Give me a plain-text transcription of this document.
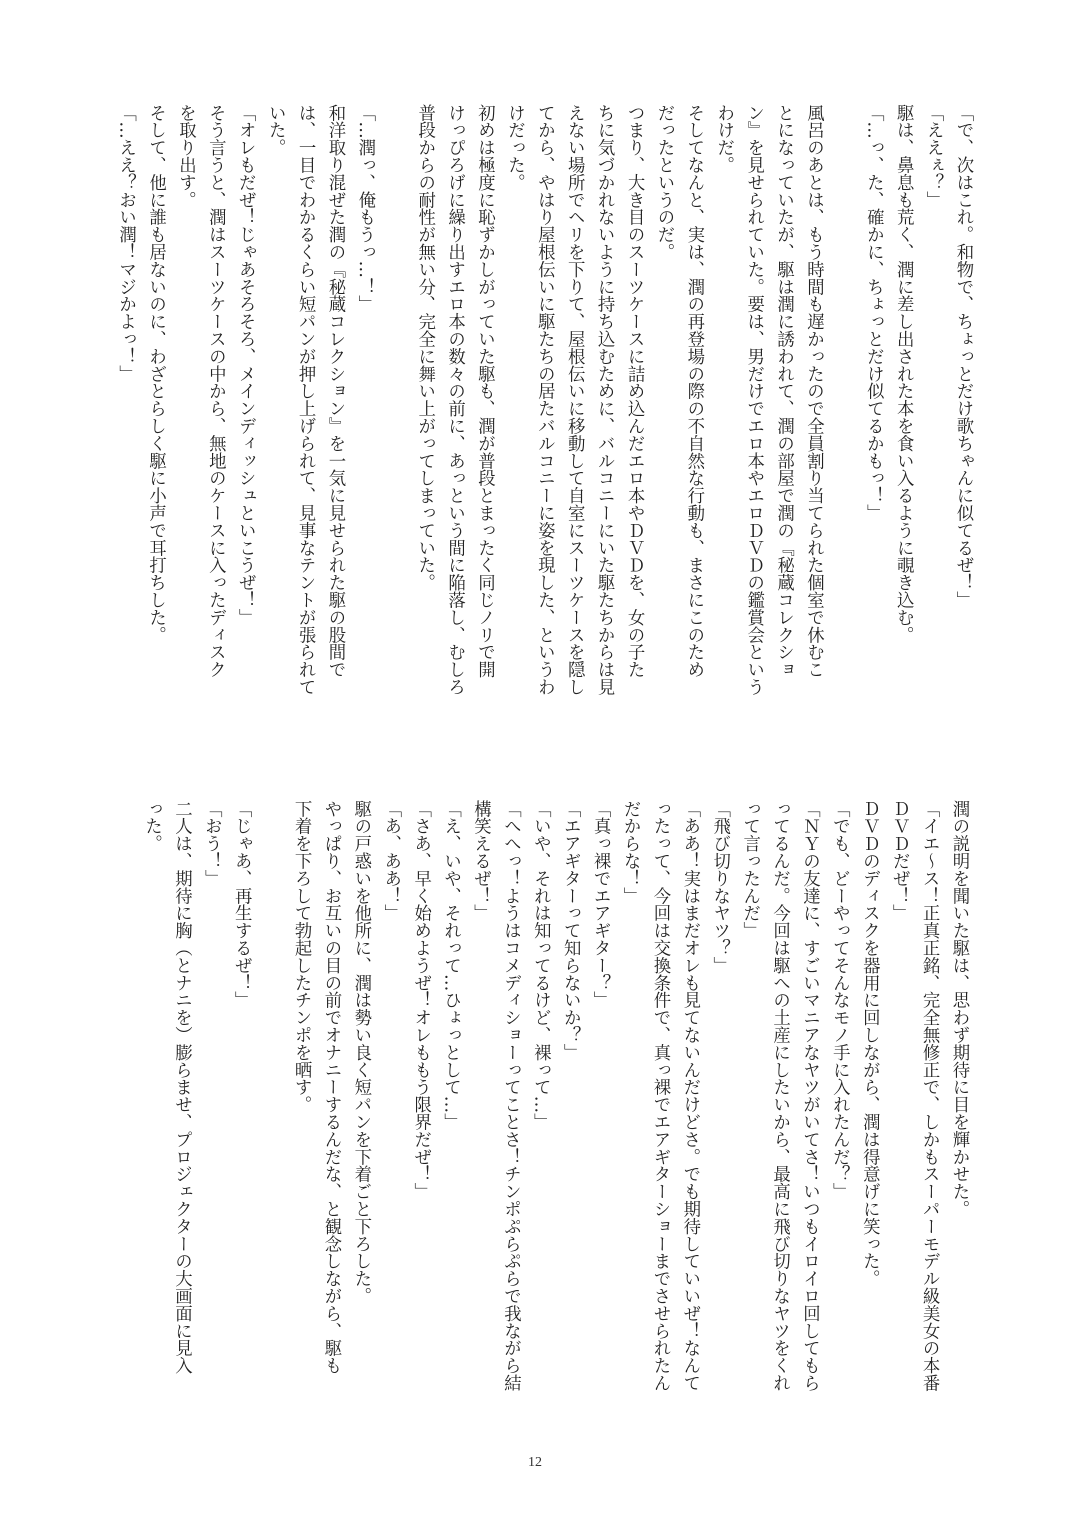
「で、次はこれ。和物で、ちょっとだけ歌ちゃんに似てるぜ！」
「ええぇ？」
駆は、鼻息も荒く、潤に差し出された本を食い入るように覗き込む。
「…っ、た、確かに、ちょっとだけ似てるかもっ！」
風呂のあとは、もう時間も遅かったので全員割り当てられた個室で休むこ
とになっていたが、駆は潤に誘われて、潤の部屋で潤の『秘蔵コレクショ
ン』を見せられていた。要は、男だけでエロ本やエロＤＶＤの鑑賞会という
わけだ。
そしてなんと、実は、潤の再登場の際の不自然な行動も、まさにこのため
だったというのだ。
つまり、大き目のスーツケースに詰め込んだエロ本やＤＶＤを、女の子た
ちに気づかれないように持ち込むために、バルコニーにいた駆たちからは見
えない場所でヘリを下りて、屋根伝いに移動して自室にスーツケースを隠し
てから、やはり屋根伝いに駆たちの居たバルコニーに姿を現した、というわ
けだった。
初めは極度に恥ずかしがっていた駆も、潤が普段とまったく同じノリで開
けっぴろげに繰り出すエロ本の数々の前に、あっという間に陥落し、むしろ
普段からの耐性が無い分、完全に舞い上がってしまっていた。
「…潤っ、俺もうっ…！」
和洋取り混ぜた潤の『秘蔵コレクション』を一気に見せられた駆の股間で
は、一目でわかるくらい短パンが押し上げられて、見事なテントが張られて
いた。
「オレもだぜ！じゃあそろそろ、メインディッシュといこうぜ！」
そう言うと、潤はスーツケースの中から、無地のケースに入ったディスク
を取り出す。
そして、他に誰も居ないのに、わざとらしく駆に小声で耳打ちした。
「…ええ？おい潤！マジかよっ！」
潤の説明を聞いた駆は、思わず期待に目を輝かせた。
「イエ～ス！正真正銘、完全無修正で、しかもスーパーモデル級美女の本番
ＤＶＤだぜ！」
ＤＶＤのディスクを器用に回しながら、潤は得意げに笑った。
「でも、どーやってそんなモノ手に入れたんだ？」
「ＮＹの友達に、すごいマニアなヤツがいてさ！いつもイロイロ回してもら
ってるんだ。今回は駆への土産にしたいから、最高に飛び切りなヤツをくれ
って言ったんだ」
「飛び切りなヤツ？」
「ああ！実はまだオレも見てないんだけどさ。でも期待していいぜ！なんて
ったって、今回は交換条件で、真っ裸でエアギターショーまでさせられたん
だからな！」
「真っ裸でエアギター？」
「エアギターって知らないか？」
「いや、それは知ってるけど、裸って…」
「へへっ！ようはコメディショーってことさ！チンポぷらぷらで我ながら結
構笑えるぜ！」
「え、いや、それって…ひょっとして…」
「さあ、早く始めようぜ！オレももう限界だぜ！」
「あ、ああ！」
駆の戸惑いを他所に、潤は勢い良く短パンを下着ごと下ろした。
やっぱり、お互いの目の前でオナニーするんだな、と観念しながら、駆も
下着を下ろして勃起したチンポを晒す。
「じゃあ、再生するぜ！」
「おう！」
二人は、期待に胸（とナニを）膨らませ、プロジェクターの大画面に見入
った。
12
